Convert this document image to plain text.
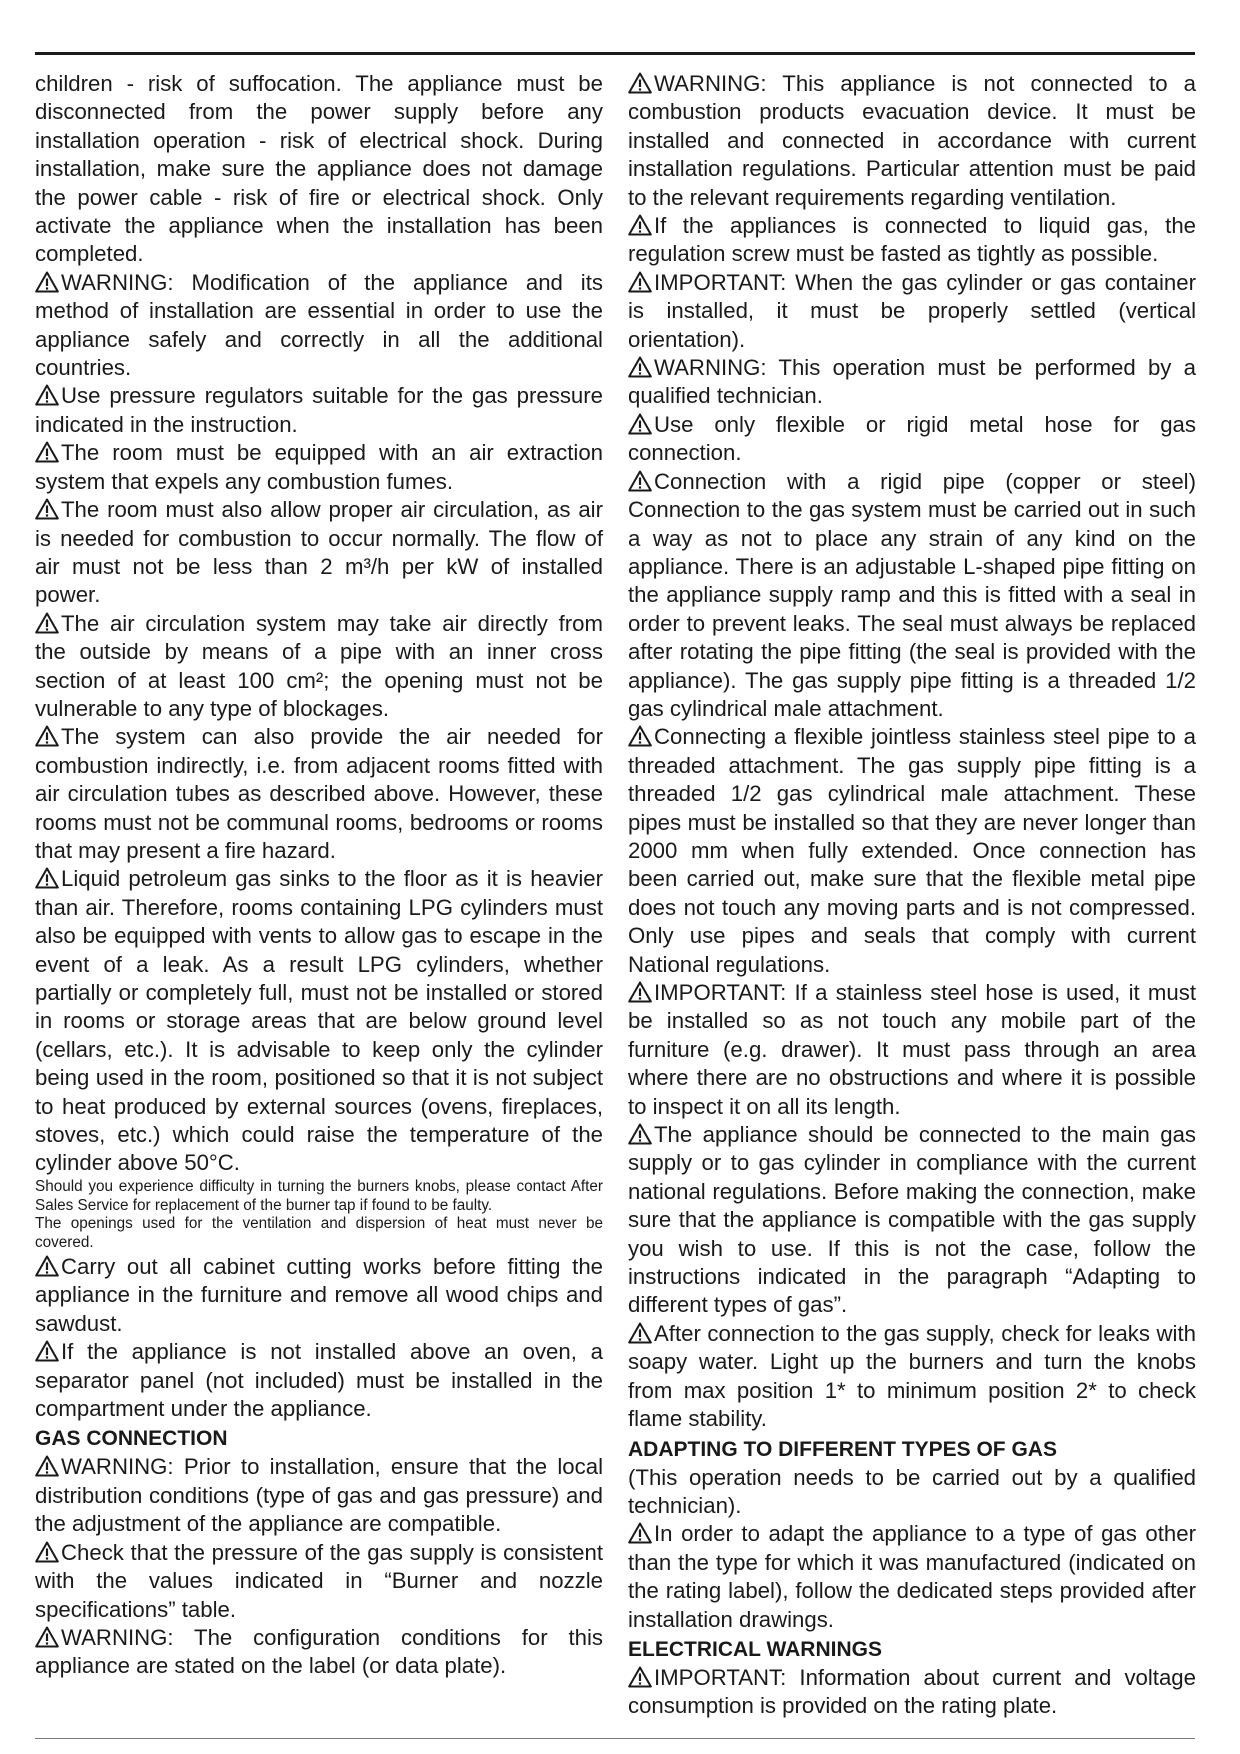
children - risk of suffocation. The appliance must be disconnected from the power supply before any installation operation - risk of electrical shock. During installation, make sure the appliance does not damage the power cable - risk of fire or electrical shock. Only activate the appliance when the installation has been completed.

WARNING: Modification of the appliance and its method of installation are essential in order to use the appliance safely and correctly in all the additional countries.

Use pressure regulators suitable for the gas pressure indicated in the instruction.

The room must be equipped with an air extraction system that expels any combustion fumes.

The room must also allow proper air circulation, as air is needed for combustion to occur normally. The flow of air must not be less than 2 m³/h per kW of installed power.

The air circulation system may take air directly from the outside by means of a pipe with an inner cross section of at least 100 cm²; the opening must not be vulnerable to any type of blockages.

The system can also provide the air needed for combustion indirectly, i.e. from adjacent rooms fitted with air circulation tubes as described above. However, these rooms must not be communal rooms, bedrooms or rooms that may present a fire hazard.

Liquid petroleum gas sinks to the floor as it is heavier than air. Therefore, rooms containing LPG cylinders must also be equipped with vents to allow gas to escape in the event of a leak. As a result LPG cylinders, whether partially or completely full, must not be installed or stored in rooms or storage areas that are below ground level (cellars, etc.). It is advisable to keep only the cylinder being used in the room, positioned so that it is not subject to heat produced by external sources (ovens, fireplaces, stoves, etc.) which could raise the temperature of the cylinder above 50°C.

Should you experience difficulty in turning the burners knobs, please contact After Sales Service for replacement of the burner tap if found to be faulty.

The openings used for the ventilation and dispersion of heat must never be covered.

Carry out all cabinet cutting works before fitting the appliance in the furniture and remove all wood chips and sawdust.

If the appliance is not installed above an oven, a separator panel (not included) must be installed in the compartment under the appliance.

GAS CONNECTION

WARNING: Prior to installation, ensure that the local distribution conditions (type of gas and gas pressure) and the adjustment of the appliance are compatible.

Check that the pressure of the gas supply is consistent with the values indicated in “Burner and nozzle specifications” table.

WARNING: The configuration conditions for this appliance are stated on the label (or data plate).

WARNING: This appliance is not connected to a combustion products evacuation device. It must be installed and connected in accordance with current installation regulations. Particular attention must be paid to the relevant requirements regarding ventilation.

If the appliances is connected to liquid gas, the regulation screw must be fasted as tightly as possible.

IMPORTANT: When the gas cylinder or gas container is installed, it must be properly settled (vertical orientation).

WARNING: This operation must be performed by a qualified technician.

Use only flexible or rigid metal hose for gas connection.

Connection with a rigid pipe (copper or steel) Connection to the gas system must be carried out in such a way as not to place any strain of any kind on the appliance. There is an adjustable L-shaped pipe fitting on the appliance supply ramp and this is fitted with a seal in order to prevent leaks. The seal must always be replaced after rotating the pipe fitting (the seal is provided with the appliance). The gas supply pipe fitting is a threaded 1/2 gas cylindrical male attachment.

Connecting a flexible jointless stainless steel pipe to a threaded attachment. The gas supply pipe fitting is a threaded 1/2 gas cylindrical male attachment. These pipes must be installed so that they are never longer than 2000 mm when fully extended. Once connection has been carried out, make sure that the flexible metal pipe does not touch any moving parts and is not compressed. Only use pipes and seals that comply with current National regulations.

IMPORTANT: If a stainless steel hose is used, it must be installed so as not touch any mobile part of the furniture (e.g. drawer). It must pass through an area where there are no obstructions and where it is possible to inspect it on all its length.

The appliance should be connected to the main gas supply or to gas cylinder in compliance with the current national regulations. Before making the connection, make sure that the appliance is compatible with the gas supply you wish to use. If this is not the case, follow the instructions indicated in the paragraph “Adapting to different types of gas”.

After connection to the gas supply, check for leaks with soapy water. Light up the burners and turn the knobs from max position 1* to minimum position 2* to check flame stability.

ADAPTING TO DIFFERENT TYPES OF GAS

(This operation needs to be carried out by a qualified technician).

In order to adapt the appliance to a type of gas other than the type for which it was manufactured (indicated on the rating label), follow the dedicated steps provided after installation drawings.

ELECTRICAL WARNINGS

IMPORTANT: Information about current and voltage consumption is provided on the rating plate.
